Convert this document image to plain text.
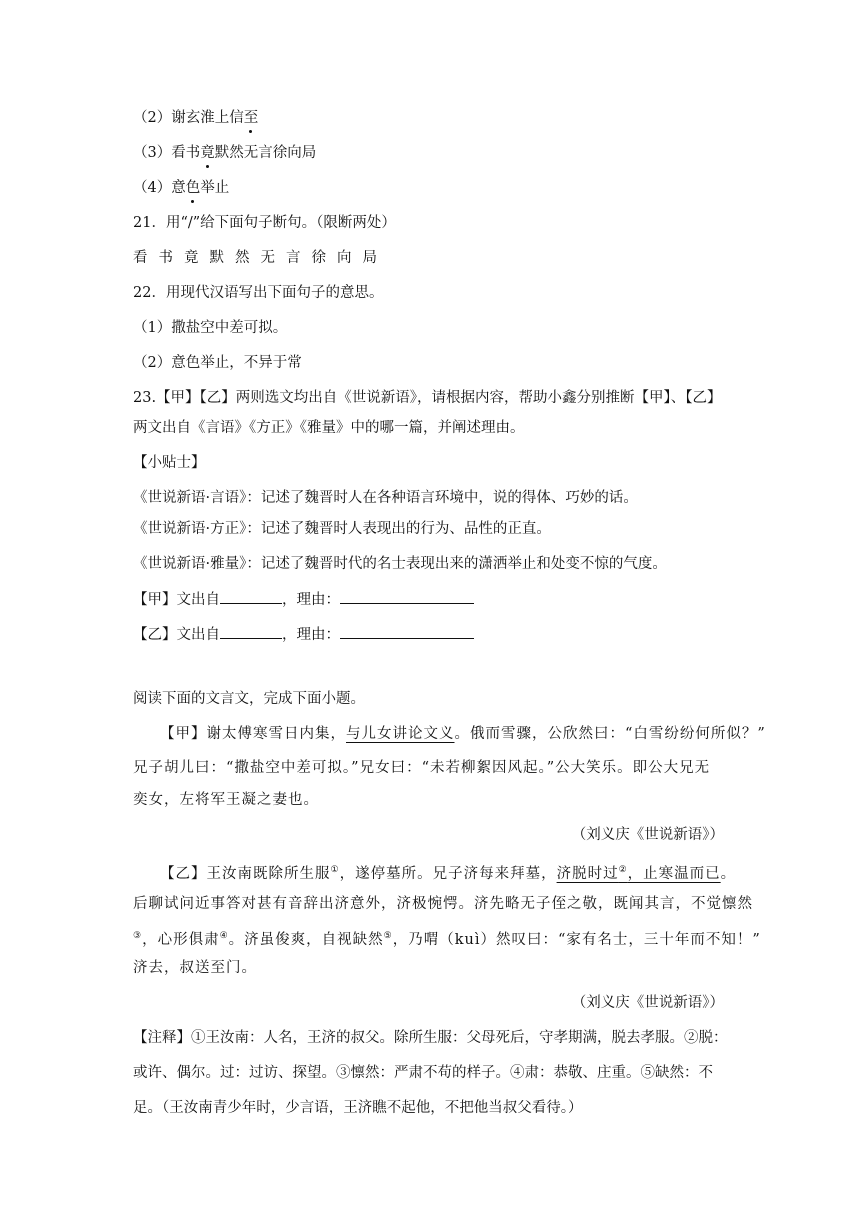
（2）谢玄淮上信至
（3）看书竟默然无言徐向局
（4）意色举止
21．用“/”给下面句子断句。（限断两处）
看 书 竟 默 然 无 言 徐 向 局
22．用现代汉语写出下面句子的意思。
（1）撒盐空中差可拟。
（2）意色举止，不异于常
23.【甲】【乙】两则选文均出自《世说新语》，请根据内容，帮助小鑫分别推断【甲】、【乙】
两文出自《言语》《方正》《雅量》中的哪一篇，并阐述理由。
【小贴士】
《世说新语·言语》：记述了魏晋时人在各种语言环境中，说的得体、巧妙的话。
《世说新语·方正》：记述了魏晋时人表现出的行为、品性的正直。
《世说新语·雅量》：记述了魏晋时代的名士表现出来的潇洒举止和处变不惊的气度。
【甲】文出自	，理由：
【乙】文出自	，理由：
阅读下面的文言文，完成下面小题。
【甲】谢太傅寒雪日内集，与儿女讲论文义。俄而雪骤，公欣然曰：“白雪纷纷何所似？”
兄子胡儿曰：“撒盐空中差可拟。”兄女曰：“未若柳絮因风起。”公大笑乐。即公大兄无
奕女，左将军王凝之妻也。
（刘义庆《世说新语》）
【乙】王汝南既除所生服①，遂停墓所。兄子济每来拜墓，济脱时过②，止寒温而已。
后聊试问近事答对甚有音辞出济意外，济极惋愕。济先略无子侄之敬，既闻其言，不觉懔然
③，心形俱肃④。济虽俊爽，自视缺然⑤，乃喟（kuì）然叹曰：“家有名士，三十年而不知！”
济去，叔送至门。
（刘义庆《世说新语》）
【注释】①王汝南：人名，王济的叔父。除所生服：父母死后，守孝期满，脱去孝服。②脱：
或许、偶尔。过：过访、探望。③懔然：严肃不苟的样子。④肃：恭敬、庄重。⑤缺然：不
足。（王汝南青少年时，少言语，王济瞧不起他，不把他当叔父看待。）
